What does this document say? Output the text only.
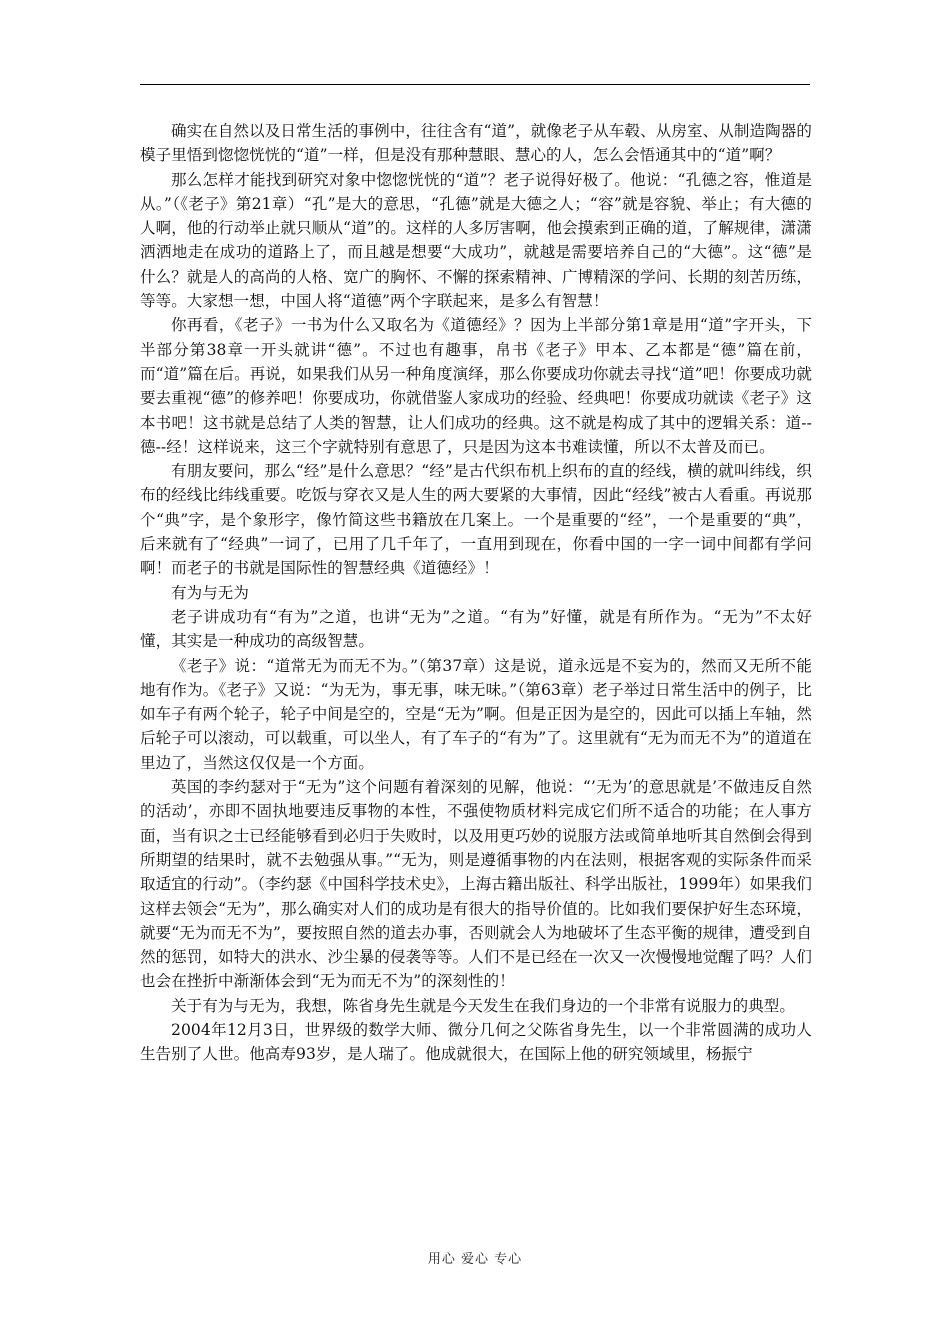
确实在自然以及日常生活的事例中，往往含有“道”，就像老子从车毂、从房室、从制造陶器的模子里悟到惚惚恍恍的“道”一样，但是没有那种慧眼、慧心的人，怎么会悟通其中的“道”啊？

那么怎样才能找到研究对象中惚惚恍恍的“道”？老子说得好极了。他说：“孔德之容，惟道是从。”（《老子》第21章）“孔”是大的意思，“孔德”就是大德之人；“容”就是容貌、举止；有大德的人啊，他的行动举止就只顺从“道”的。这样的人多厉害啊，他会摸索到正确的道，了解规律，潇潇洒洒地走在成功的道路上了，而且越是想要“大成功”，就越是需要培养自己的“大德”。这“德”是什么？就是人的高尚的人格、宽广的胸怀、不懈的探索精神、广博精深的学问、长期的刻苦历练，等等。大家想一想，中国人将“道德”两个字联起来，是多么有智慧！

你再看，《老子》一书为什么又取名为《道德经》？因为上半部分第1章是用“道”字开头，下半部分第38章一开头就讲“德”。不过也有趣事，帛书《老子》甲本、乙本都是“德”篇在前，而“道”篇在后。再说，如果我们从另一种角度演绎，那么你要成功你就去寻找“道”吧！你要成功就要去重视“德”的修养吧！你要成功，你就借鉴人家成功的经验、经典吧！你要成功就读《老子》这本书吧！这书就是总结了人类的智慧，让人们成功的经典。这不就是构成了其中的逻辑关系：道--德--经！这样说来，这三个字就特别有意思了，只是因为这本书难读懂，所以不太普及而已。

有朋友要问，那么“经”是什么意思？“经”是古代织布机上织布的直的经线，横的就叫纬线，织布的经线比纬线重要。吃饭与穿衣又是人生的两大要紧的大事情，因此“经线”被古人看重。再说那个“典”字，是个象形字，像竹简这些书籍放在几案上。一个是重要的“经”，一个是重要的“典”，后来就有了“经典”一词了，已用了几千年了，一直用到现在，你看中国的一字一词中间都有学问啊！而老子的书就是国际性的智慧经典《道德经》！

有为与无为

老子讲成功有“有为”之道，也讲“无为”之道。“有为”好懂，就是有所作为。“无为”不太好懂，其实是一种成功的高级智慧。

《老子》说：“道常无为而无不为。”（第37章）这是说，道永远是不妄为的，然而又无所不能地有作为。《老子》又说：“为无为，事无事，味无味。”（第63章）老子举过日常生活中的例子，比如车子有两个轮子，轮子中间是空的，空是“无为”啊。但是正因为是空的，因此可以插上车轴，然后轮子可以滚动，可以载重，可以坐人，有了车子的“有为”了。这里就有“无为而无不为”的道道在里边了，当然这仅仅是一个方面。

英国的李约瑟对于“无为”这个问题有着深刻的见解，他说：“’无为’的意思就是’不做违反自然的活动’，亦即不固执地要违反事物的本性，不强使物质材料完成它们所不适合的功能；在人事方面，当有识之士已经能够看到必归于失败时，以及用更巧妙的说服方法或简单地听其自然倒会得到所期望的结果时，就不去勉强从事。”“无为，则是遵循事物的内在法则，根据客观的实际条件而采取适宜的行动”。（李约瑟《中国科学技术史》，上海古籍出版社、科学出版社，1999年）如果我们这样去领会“无为”，那么确实对人们的成功是有很大的指导价值的。比如我们要保护好生态环境，就要“无为而无不为”，要按照自然的道去办事，否则就会人为地破坏了生态平衡的规律，遭受到自然的惩罚，如特大的洪水、沙尘暴的侵袭等等。人们不是已经在一次又一次慢慢地觉醒了吗？人们也会在挫折中渐渐体会到“无为而无不为”的深刻性的！

关于有为与无为，我想，陈省身先生就是今天发生在我们身边的一个非常有说服力的典型。

2004年12月3日，世界级的数学大师、微分几何之父陈省身先生，以一个非常圆满的成功人生告别了人世。他高寿93岁，是人瑞了。他成就很大，在国际上他的研究领域里，杨振宁

用心 爱心 专心
